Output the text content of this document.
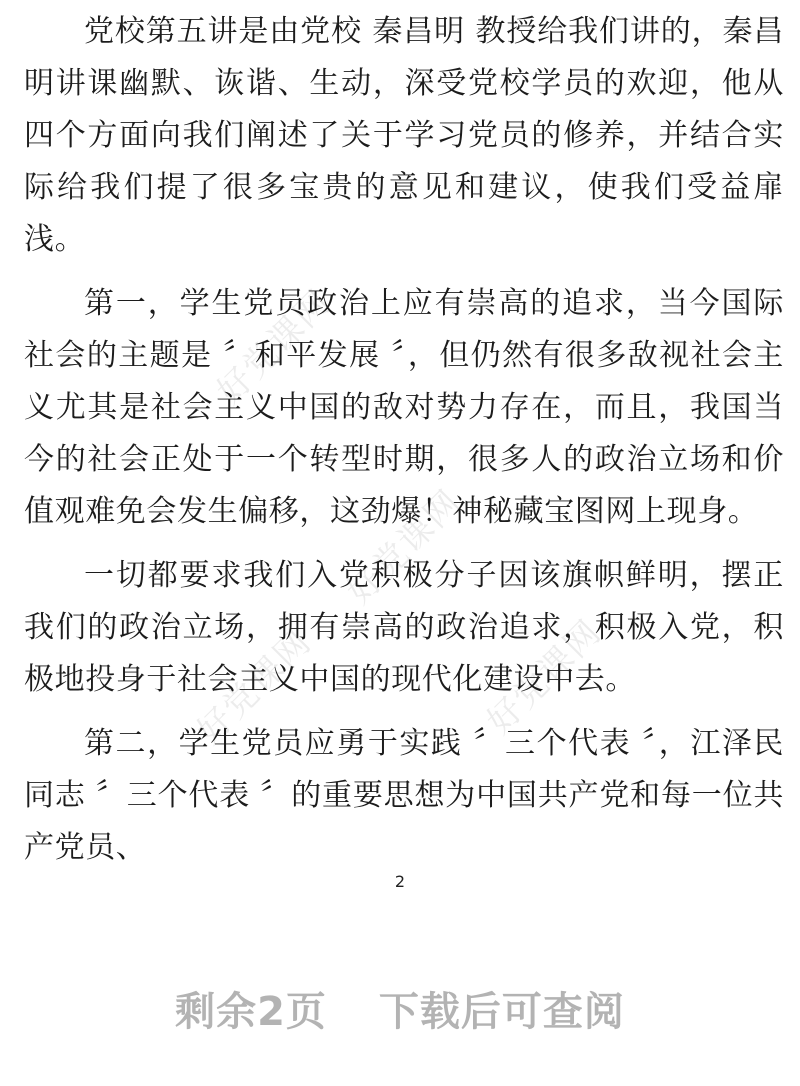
好党课网
好党课网
好党课网	好党课网

党校第五讲是由党校 秦昌明 教授给我们讲的，秦昌明讲课幽默、诙谐、生动，深受党校学员的欢迎，他从四个方面向我们阐述了关于学习党员的修养，并结合实际给我们提了很多宝贵的意见和建议，使我们受益扉浅。

第一，学生党员政治上应有崇高的追求，当今国际社会的主题是 〞和平发展 〞，但仍然有很多敌视社会主义尤其是社会主义中国的敌对势力存在，而且，我国当今的社会正处于一个转型时期，很多人的政治立场和价值观难免会发生偏移，这劲爆！神秘藏宝图网上现身。

一切都要求我们入党积极分子因该旗帜鲜明，摆正我们的政治立场，拥有崇高的政治追求，积极入党，积极地投身于社会主义中国的现代化建设中去。

第二，学生党员应勇于实践 〞三个代表 〞，江泽民同志 〞三个代表 〞的重要思想为中国共产党和每一位共产党员、

2
剩余2页 下载后可查阅
